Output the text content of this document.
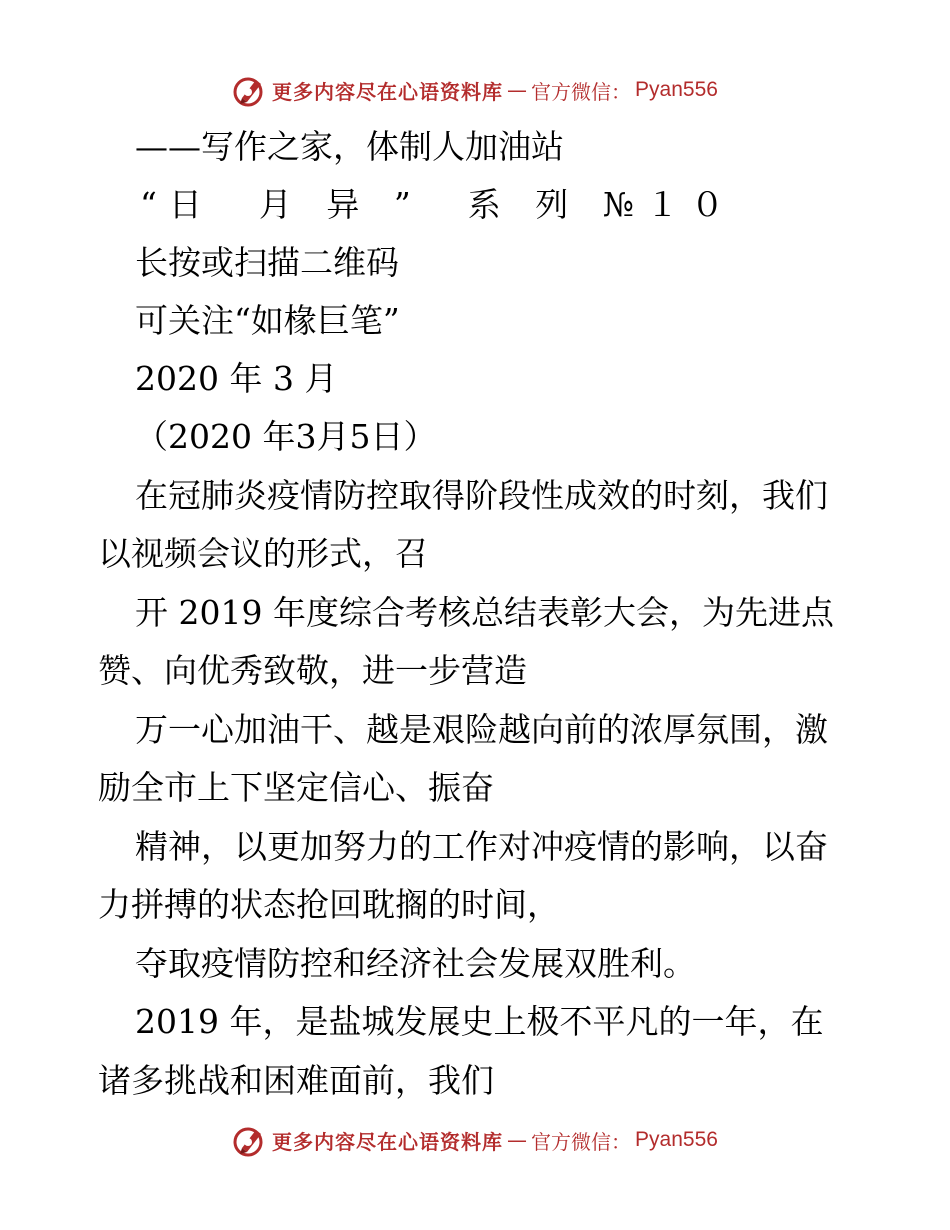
更多内容尽在心语资料库 — 官方微信： Pyan556
——写作之家，体制人加油站
“日　月 异 ”　系 列 №１０
长按或扫描二维码
可关注“如椽巨笔”
2020 年 3 月
（2020 年3月5日）
在冠肺炎疫情防控取得阶段性成效的时刻，我们
以视频会议的形式，召
开 2019 年度综合考核总结表彰大会，为先进点
赞、向优秀致敬，进一步营造
万一心加油干、越是艰险越向前的浓厚氛围，激
励全市上下坚定信心、振奋
精神，以更加努力的工作对冲疫情的影响，以奋
力拼搏的状态抢回耽搁的时间，
夺取疫情防控和经济社会发展双胜利。
2019 年，是盐城发展史上极不平凡的一年，在
诸多挑战和困难面前，我们
更多内容尽在心语资料库 — 官方微信： Pyan556
